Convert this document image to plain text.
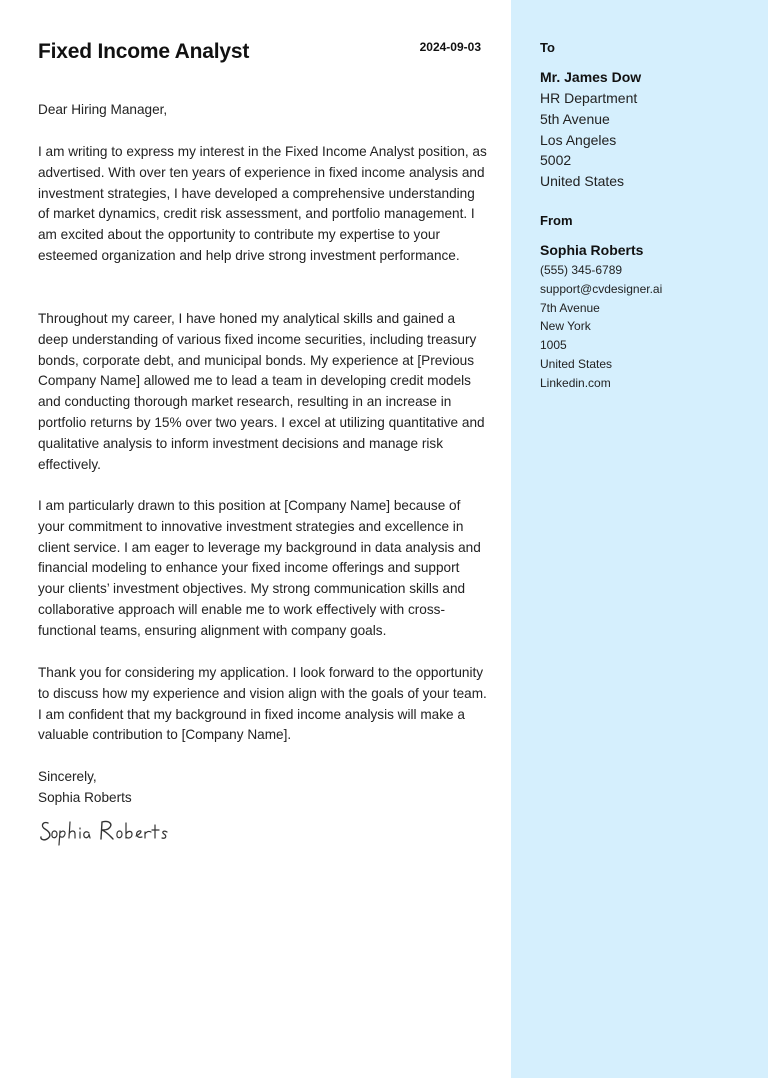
Fixed Income Analyst	2024-09-03

Dear Hiring Manager,

I am writing to express my interest in the Fixed Income Analyst position, as advertised. With over ten years of experience in fixed income analysis and investment strategies, I have developed a comprehensive understanding of market dynamics, credit risk assessment, and portfolio management. I am excited about the opportunity to contribute my expertise to your esteemed organization and help drive strong investment performance.

Throughout my career, I have honed my analytical skills and gained a deep understanding of various fixed income securities, including treasury bonds, corporate debt, and municipal bonds. My experience at [Previous Company Name] allowed me to lead a team in developing credit models and conducting thorough market research, resulting in an increase in portfolio returns by 15% over two years. I excel at utilizing quantitative and qualitative analysis to inform investment decisions and manage risk effectively.

I am particularly drawn to this position at [Company Name] because of your commitment to innovative investment strategies and excellence in client service. I am eager to leverage my background in data analysis and financial modeling to enhance your fixed income offerings and support your clients’ investment objectives. My strong communication skills and collaborative approach will enable me to work effectively with cross-functional teams, ensuring alignment with company goals.

Thank you for considering my application. I look forward to the opportunity to discuss how my experience and vision align with the goals of your team. I am confident that my background in fixed income analysis will make a valuable contribution to [Company Name].

Sincerely,
Sophia Roberts
To
Mr. James Dow
HR Department
5th Avenue
Los Angeles
5002
United States
From
Sophia Roberts
(555) 345-6789
support@cvdesigner.ai
7th Avenue
New York
1005
United States
Linkedin.com
